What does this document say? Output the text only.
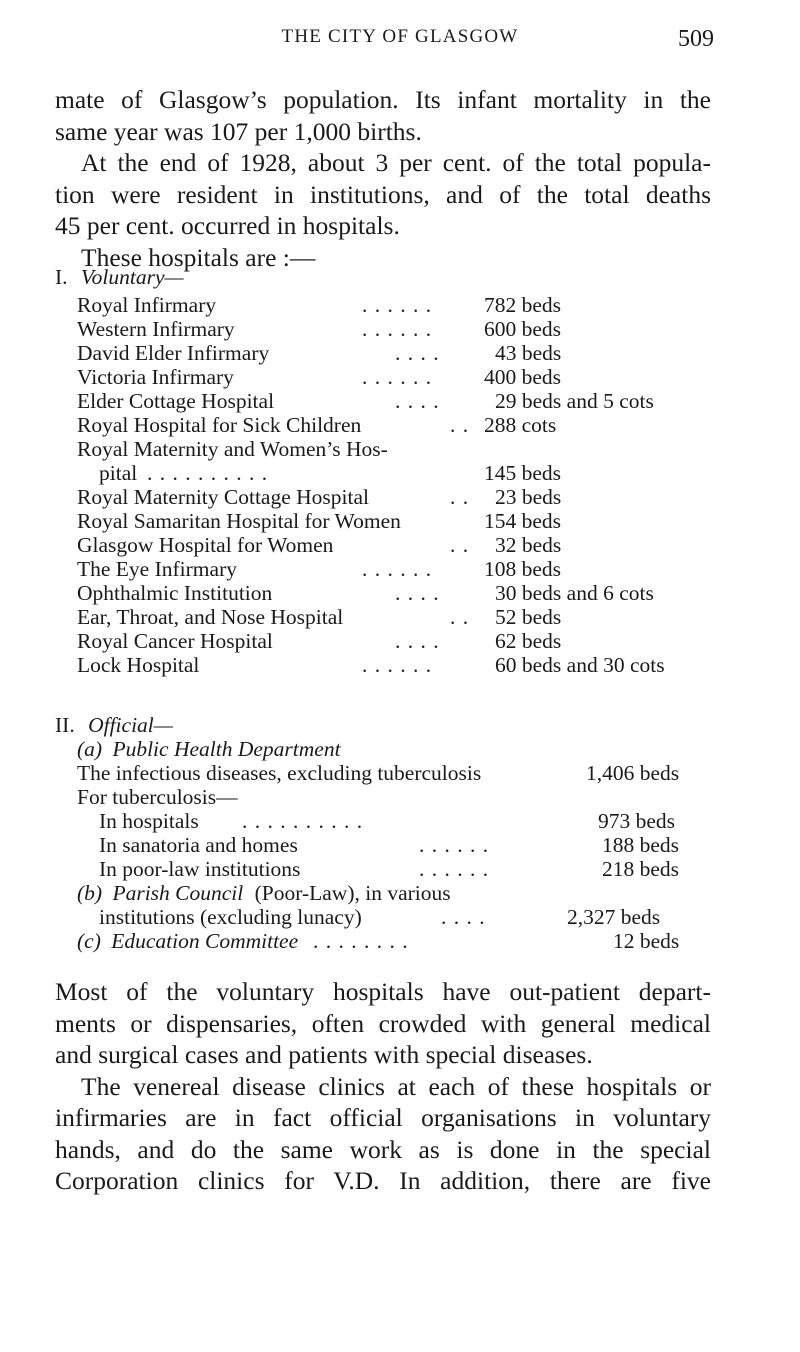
THE CITY OF GLASGOW	509
mate of Glasgow’s population. Its infant mortality in the
same year was 107 per 1,000 births.
At the end of 1928, about 3 per cent. of the total popula-
tion were resident in institutions, and of the total deaths
45 per cent. occurred in hospitals.
These hospitals are :—
I. Voluntary—
Royal Infirmary	. . . . . . 782 beds
Western Infirmary	. . . . . . 600 beds
David Elder Infirmary	. . . .	43 beds
Victoria Infirmary	. . . . . . 400 beds
Elder Cottage Hospital	. . . .	29 beds and 5 cots
Royal Hospital for Sick Children	. . 288 cots
Royal Maternity and Women’s Hos-
pital . . . . . . . . . .	145 beds
Royal Maternity Cottage Hospital	. . 23 beds
Royal Samaritan Hospital for Women	154 beds
Glasgow Hospital for Women	. . 32 beds
The Eye Infirmary	. . . . . . 108 beds
Ophthalmic Institution	. . . .	30 beds and 6 cots
Ear, Throat, and Nose Hospital	. . 52 beds
Royal Cancer Hospital	. . . .	62 beds
Lock Hospital	. . . . . .	60 beds and 30 cots
II. Official—
(a) Public Health Department
The infectious diseases, excluding tuberculosis	1,406 beds
For tuberculosis—
In hospitals . . . . . . . . . .	973 beds
In sanatoria and homes	. . . . . .	188 beds
In poor-law institutions	. . . . . .	218 beds
(b) Parish Council (Poor-Law), in various
institutions (excluding lunacy)	. . . .	2,327 beds
(c) Education Committee . . . . . . . .	12 beds
Most of the voluntary hospitals have out-patient depart-
ments or dispensaries, often crowded with general medical
and surgical cases and patients with special diseases.
The venereal disease clinics at each of these hospitals or
infirmaries are in fact official organisations in voluntary
hands, and do the same work as is done in the special
Corporation clinics for V.D. In addition, there are five
